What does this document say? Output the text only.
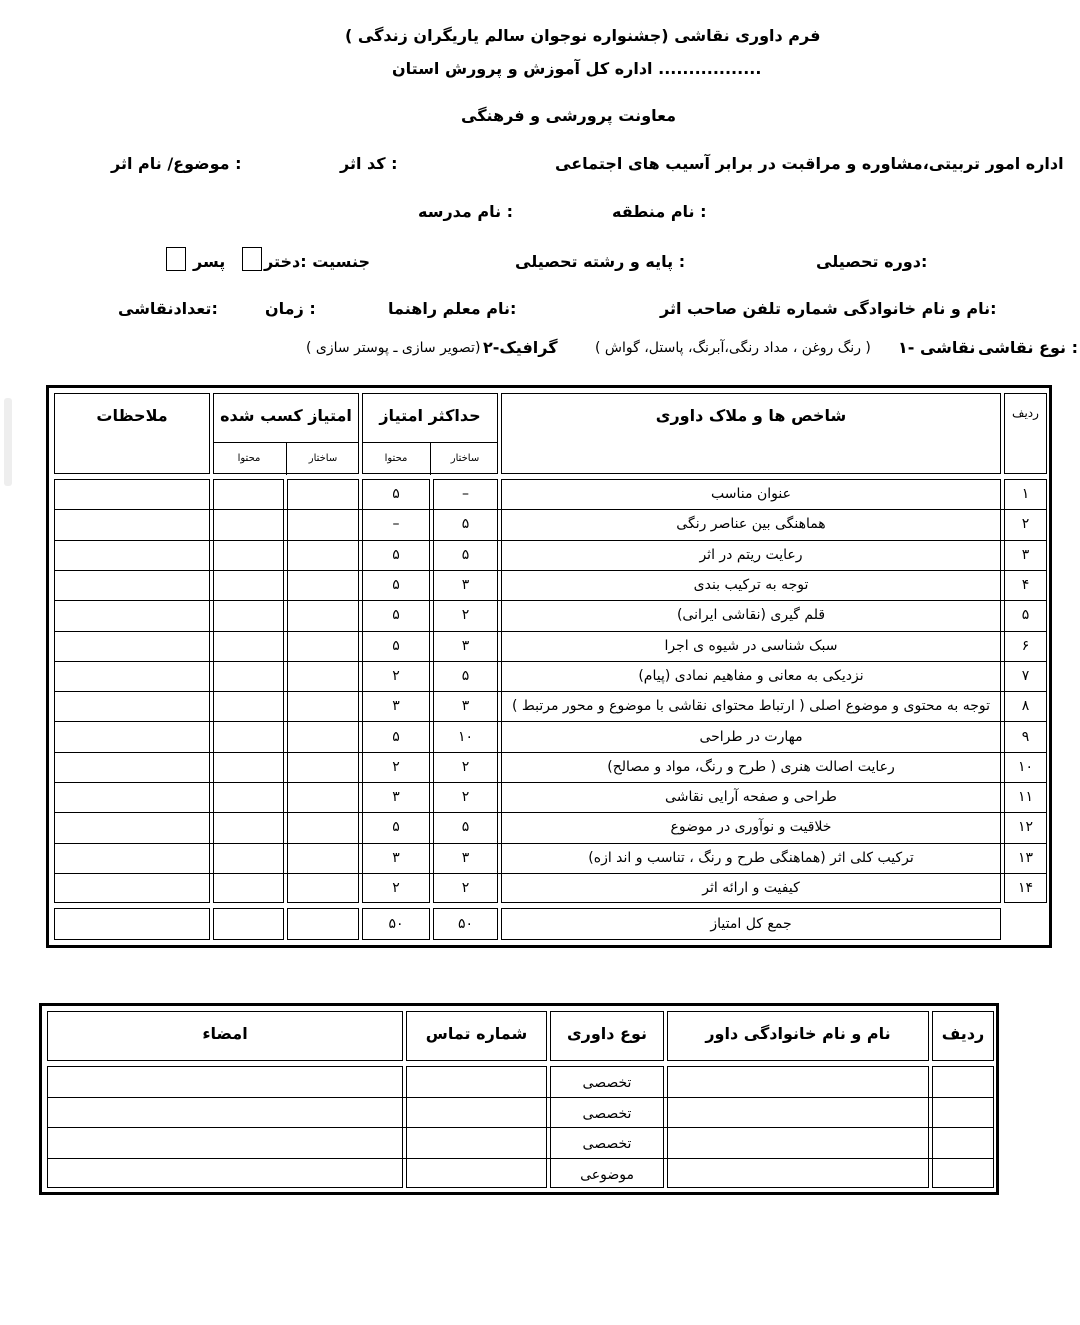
فرم داوری نقاشی (جشنواره نوجوان سالم یاریگران زندگی )
اداره کل آموزش و پرورش استان .................
معاونت پرورشی و فرهنگی
اداره امور تربیتی،مشاوره و مراقبت در برابر آسیب های اجتماعی
کد اثر :
موضوع/ نام اثر :
نام منطقه :
نام مدرسه :
دوره تحصیلی:
پایه و رشته تحصیلی :
جنسیت :دختر
پسر
نام و نام خانوادگی شماره تلفن صاحب اثر:
نام معلم راهنما:
زمان :
تعدادنقاشی:
نوع نقاشی :
۱- نقاشی
( رنگ روغن ، مداد رنگی،آبرنگ، پاستل، گواش )
۲-گرافیک
( تصویر سازی ـ پوستر سازی)
ردیف
شاخص ها و ملاک داوری
حداکثر امتیاز
ساختار
محتوا
امتیاز کسب شده
ساختار
محتوا
ملاحظات
۱
عنوان مناسب
–
۵
۲
هماهنگی بین عناصر رنگی
۵
–
۳
رعایت ریتم در اثر
۵
۵
۴
توجه به ترکیب بندی
۳
۵
۵
قلم گیری (نقاشی ایرانی)
۲
۵
۶
سبک شناسی در شیوه ی اجرا
۳
۵
۷
نزدیکی به معانی و مفاهیم نمادی (پیام)
۵
۲
۸
توجه به محتوی و موضوع اصلی ( ارتباط محتوای نقاشی با موضوع و محور مرتبط )
۳
۳
۹
مهارت در طراحی
۱۰
۵
۱۰
رعایت اصالت هنری ( طرح و رنگ، مواد و مصالح)
۲
۲
۱۱
طراحی و صفحه آرایی نقاشی
۲
۳
۱۲
خلاقیت و نوآوری در موضوع
۵
۵
۱۳
ترکیب کلی اثر (هماهنگی طرح و رنگ ، تناسب و اند ازه)
۳
۳
۱۴
کیفیت و ارائه اثر
۲
۲
جمع کل امتیاز
۵۰
۵۰
ردیف
نام و نام خانوادگی داور
نوع داوری
شماره تماس
امضاء
تخصصی
تخصصی
تخصصی
موضوعی
